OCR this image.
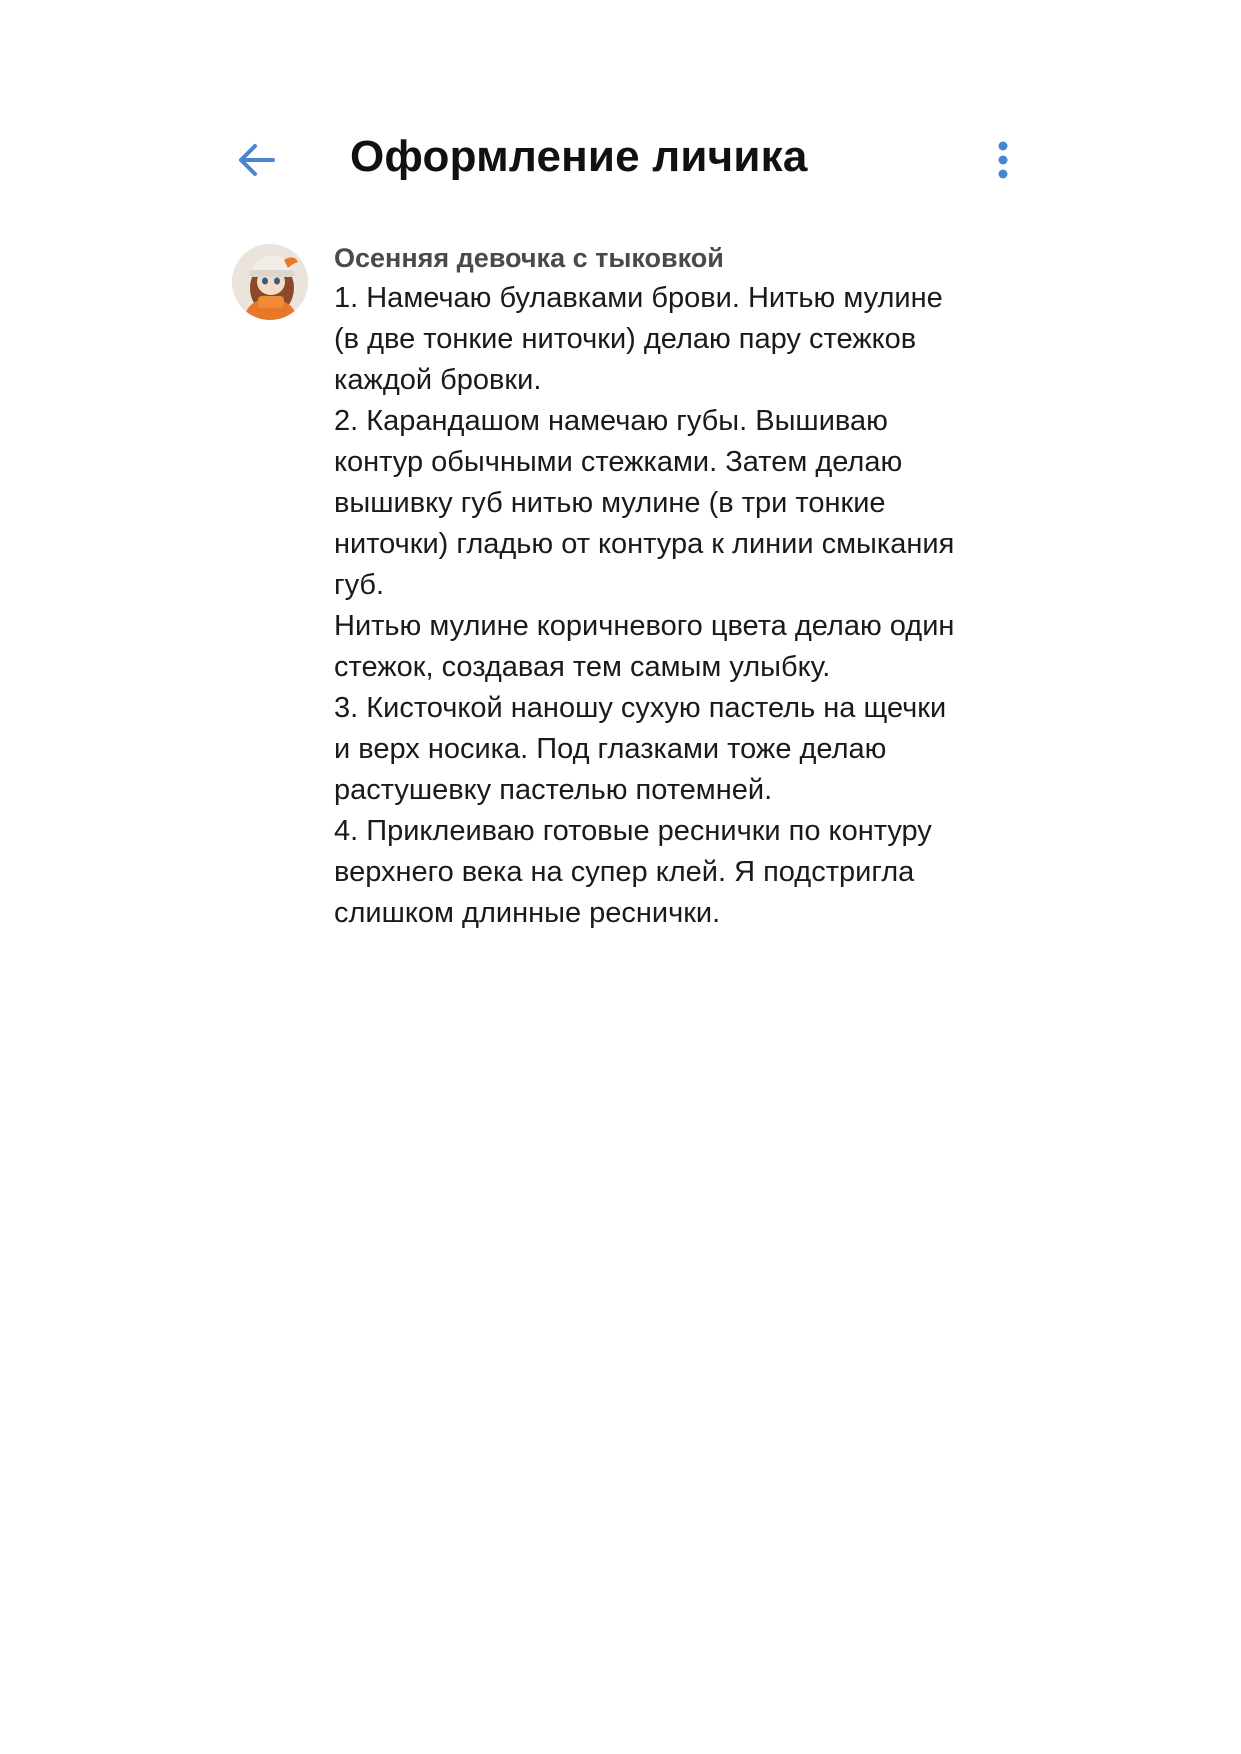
Оформление личика
Осенняя девочка с тыковкой

1. Намечаю булавками брови. Нитью мулине

(в две тонкие ниточки) делаю пару стежков

каждой бровки.

2. Карандашом намечаю губы. Вышиваю

контур обычными стежками. Затем делаю

вышивку губ нитью мулине (в три тонкие

ниточки) гладью от контура к линии смыкания

губ.

Нитью мулине коричневого цвета делаю один

стежок, создавая тем самым улыбку.

3. Кисточкой наношу сухую пастель на щечки

и верх носика. Под глазками тоже делаю

растушевку пастелью потемней.

4. Приклеиваю готовые реснички по контуру

верхнего века на супер клей. Я подстригла

слишком длинные реснички.
